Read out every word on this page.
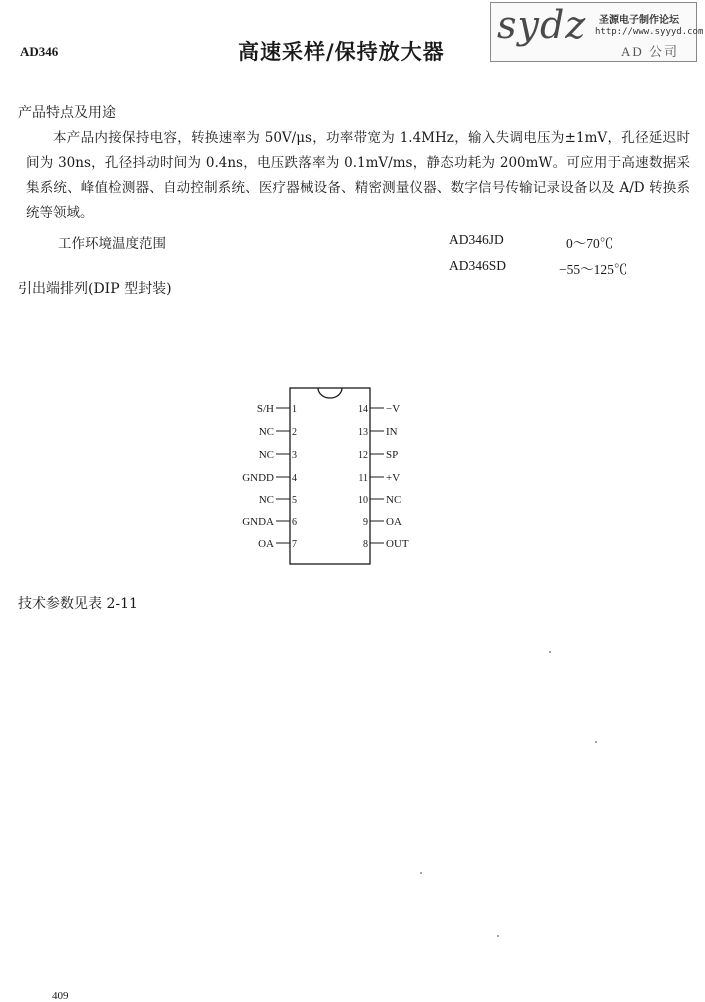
AD346	高速采样/保持放大器
sydz 圣源电子制作论坛
http://www.syyyd.com
AD 公司
产品特点及用途
本产品内接保持电容，转换速率为 50V/μs，功率带宽为 1.4MHz，输入失调电压为±1mV，孔径延迟时间为 30ns，孔径抖动时间为 0.4ns，电压跌落率为 0.1mV/ms，静态功耗为 200mW。可应用于高速数据采集系统、峰值检测器、自动控制系统、医疗器械设备、精密测量仪器、数字信号传输记录设备以及 A/D 转换系统等领域。
工作环境温度范围	AD346JD	0～70℃
AD346SD	−55～125℃
引出端排列(DIP 型封装)
S/H 1
NC 2
NC 3
GNDD 4
NC 5
GNDA 6
OA 7
14 −V
13 IN
12 SP
11 +V
10 NC
9 OA
8 OUT
技术参数见表 2-11
409
